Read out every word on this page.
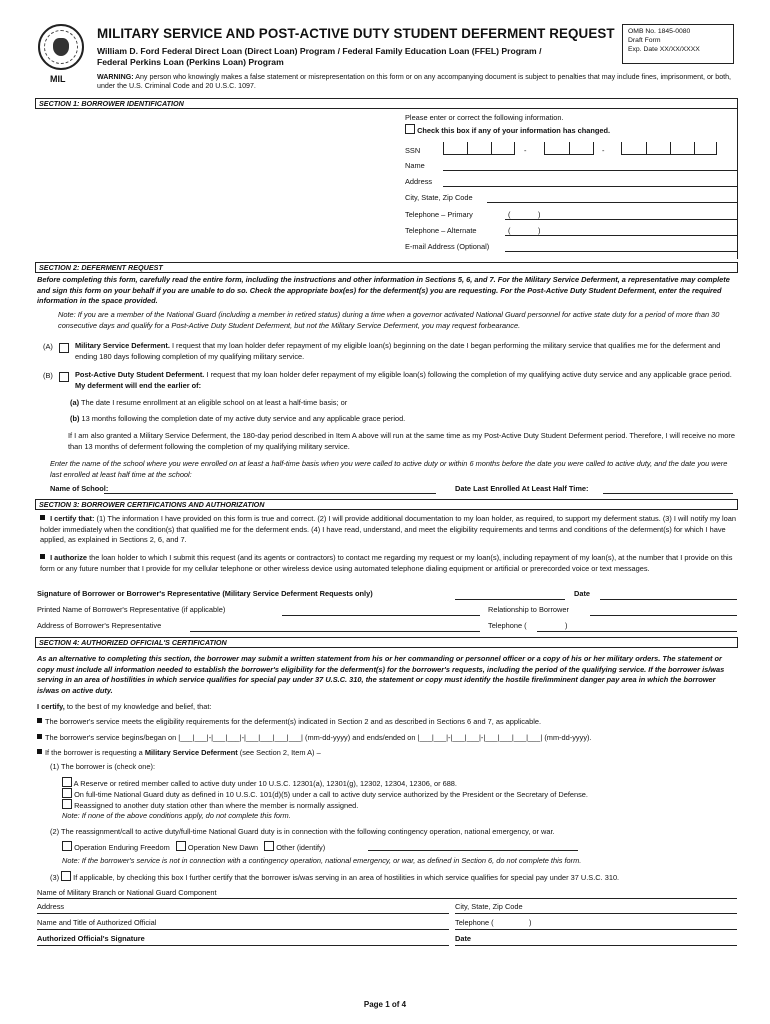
MILITARY SERVICE AND POST-ACTIVE DUTY STUDENT DEFERMENT REQUEST
William D. Ford Federal Direct Loan (Direct Loan) Program / Federal Family Education Loan (FFEL) Program /
Federal Perkins Loan (Perkins Loan) Program
OMB No. 1845-0080
Draft Form
Exp. Date XX/XX/XXXX
MIL	WARNING: Any person who knowingly makes a false statement or misrepresentation on this form or on any accompanying document is subject to penalties that may include fines, imprisonment, or both, under the U.S. Criminal Code and 20 U.S.C. 1097.
SECTION 1: BORROWER IDENTIFICATION
Please enter or correct the following information.
Check this box if any of your information has changed.
SSN	-	-
Name
Address
City, State, Zip Code
Telephone – Primary	(	)
Telephone – Alternate	(	)
E-mail Address (Optional)
SECTION 2: DEFERMENT REQUEST
Before completing this form, carefully read the entire form, including the instructions and other information in Sections 5, 6, and 7. For the Military Service Deferment, a representative may complete and sign this form on your behalf if you are unable to do so. Check the appropriate box(es) for the deferment(s) you are requesting. For the Post-Active Duty Student Deferment, enter the required information in the space provided.
Note: If you are a member of the National Guard (including a member in retired status) during a time when a governor activated National Guard personnel for active state duty for a period of more than 30 consecutive days and qualify for a Post-Active Duty Student Deferment, but not the Military Service Deferment, you may request forbearance.
(A)	Military Service Deferment. I request that my loan holder defer repayment of my eligible loan(s) beginning on the date I began performing the military service that qualifies me for the deferment and ending 180 days following completion of my qualifying military service.
(B)	Post-Active Duty Student Deferment. I request that my loan holder defer repayment of my eligible loan(s) following the completion of my qualifying active duty service and any applicable grace period. My deferment will end the earlier of:
(a) The date I resume enrollment at an eligible school on at least a half-time basis; or
(b) 13 months following the completion date of my active duty service and any applicable grace period.
If I am also granted a Military Service Deferment, the 180-day period described in Item A above will run at the same time as my Post-Active Duty Student Deferment period. Therefore, I will receive no more than 13 months of deferment following the completion of my qualifying military service.
Enter the name of the school where you were enrolled on at least a half-time basis when you were called to active duty or within 6 months before the date you were called to active duty, and the date you were last enrolled at least half time at the school:
Name of School:	Date Last Enrolled At Least Half Time:
SECTION 3: BORROWER CERTIFICATIONS AND AUTHORIZATION
I certify that: (1) The information I have provided on this form is true and correct. (2) I will provide additional documentation to my loan holder, as required, to support my deferment status. (3) I will notify my loan holder immediately when the condition(s) that qualified me for the deferment ends. (4) I have read, understand, and meet the eligibility requirements and terms and conditions of the deferment(s) for which I have applied, as explained in Sections 2, 6, and 7.
I authorize the loan holder to which I submit this request (and its agents or contractors) to contact me regarding my request or my loan(s), including repayment of my loan(s), at the number that I provide on this form or any future number that I provide for my cellular telephone or other wireless device using automated telephone dialing equipment or artificial or prerecorded voice or text messages.
Signature of Borrower or Borrower's Representative (Military Service Deferment Requests only)	Date
Printed Name of Borrower's Representative (if applicable)	Relationship to Borrower
Address of Borrower's Representative	Telephone (	)
SECTION 4: AUTHORIZED OFFICIAL'S CERTIFICATION
As an alternative to completing this section, the borrower may submit a written statement from his or her commanding or personnel officer or a copy of his or her military orders. The statement or copy must include all information needed to establish the borrower's eligibility for the deferment(s) for the borrower's requests, including the period of the qualifying service. If the borrower is/was serving in an area of hostilities in which service qualifies for special pay under 37 U.S.C. 310, the statement or copy must identify the hostile fire/imminent danger pay area in which the borrower is/was on active duty.
I certify, to the best of my knowledge and belief, that:
The borrower's service meets the eligibility requirements for the deferment(s) indicated in Section 2 and as described in Sections 6 and 7, as applicable.
The borrower's service begins/began on |___|___|-|___|___|-|___|___|___|___| (mm-dd-yyyy) and ends/ended on |___|___|-|___|___|-|___|___|___|___| (mm-dd-yyyy).
If the borrower is requesting a Military Service Deferment (see Section 2, Item A) –
(1) The borrower is (check one):
A Reserve or retired member called to active duty under 10 U.S.C. 12301(a), 12301(g), 12302, 12304, 12306, or 688.
On full-time National Guard duty as defined in 10 U.S.C. 101(d)(5) under a call to active duty service authorized by the President or the Secretary of Defense.
Reassigned to another duty station other than where the member is normally assigned.
Note: If none of the above conditions apply, do not complete this form.
(2) The reassignment/call to active duty/full-time National Guard duty is in connection with the following contingency operation, national emergency, or war.
Operation Enduring Freedom Operation New Dawn Other (identify)
Note: If the borrower's service is not in connection with a contingency operation, national emergency, or war, as defined in Section 6, do not complete this form.
(3) If applicable, by checking this box I further certify that the borrower is/was serving in an area of hostilities in which service qualifies for special pay under 37 U.S.C. 310.
Name of Military Branch or National Guard Component
Address	City, State, Zip Code
Name and Title of Authorized Official	Telephone (	)
Authorized Official's Signature	Date
Page 1 of 4
